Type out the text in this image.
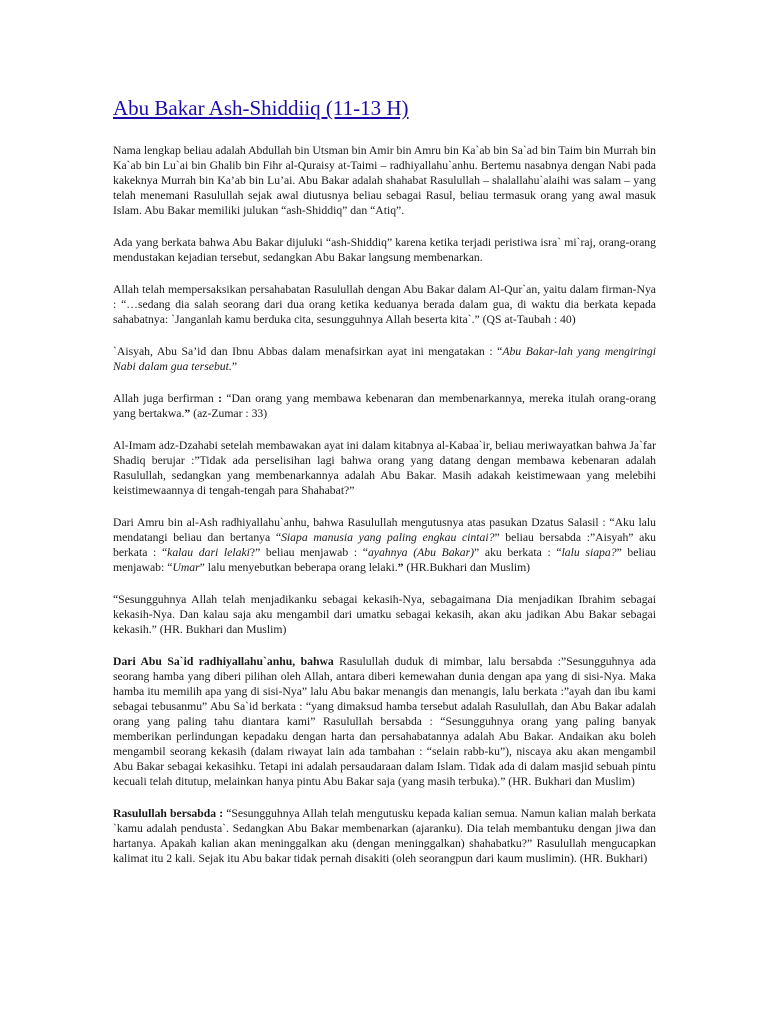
Abu Bakar Ash-Shiddiiq (11-13 H)

Nama lengkap beliau adalah Abdullah bin Utsman bin Amir bin Amru bin Ka`ab bin Sa`ad bin Taim bin Murrah bin Ka`ab bin Lu`ai bin Ghalib bin Fihr al-Quraisy at-Taimi – radhiyallahu`anhu. Bertemu nasabnya dengan Nabi pada kakeknya Murrah bin Ka’ab bin Lu’ai. Abu Bakar adalah shahabat Rasulullah – shalallahu`alaihi was salam – yang telah menemani Rasulullah sejak awal diutusnya beliau sebagai Rasul, beliau termasuk orang yang awal masuk Islam. Abu Bakar memiliki julukan “ash-Shiddiq” dan “Atiq”.

Ada yang berkata bahwa Abu Bakar dijuluki “ash-Shiddiq” karena ketika terjadi peristiwa isra` mi`raj, orang-orang mendustakan kejadian tersebut, sedangkan Abu Bakar langsung membenarkan.

Allah telah mempersaksikan persahabatan Rasulullah dengan Abu Bakar dalam Al-Qur`an, yaitu dalam firman-Nya : “…sedang dia salah seorang dari dua orang ketika keduanya berada dalam gua, di waktu dia berkata kepada sahabatnya: `Janganlah kamu berduka cita, sesungguhnya Allah beserta kita`.” (QS at-Taubah : 40)

`Aisyah, Abu Sa’id dan Ibnu Abbas dalam menafsirkan ayat ini mengatakan : “Abu Bakar-lah yang mengiringi Nabi dalam gua tersebut.”

Allah juga berfirman : “Dan orang yang membawa kebenaran dan membenarkannya, mereka itulah orang-orang yang bertakwa.” (az-Zumar : 33)

Al-Imam adz-Dzahabi setelah membawakan ayat ini dalam kitabnya al-Kabaa`ir, beliau meriwayatkan bahwa Ja`far Shadiq berujar :”Tidak ada perselisihan lagi bahwa orang yang datang dengan membawa kebenaran adalah Rasulullah, sedangkan yang membenarkannya adalah Abu Bakar. Masih adakah keistimewaan yang melebihi keistimewaannya di tengah-tengah para Shahabat?”

Dari Amru bin al-Ash radhiyallahu`anhu, bahwa Rasulullah mengutusnya atas pasukan Dzatus Salasil : “Aku lalu mendatangi beliau dan bertanya “Siapa manusia yang paling engkau cintai?” beliau bersabda :”Aisyah” aku berkata : “kalau dari lelaki?” beliau menjawab : “ayahnya (Abu Bakar)” aku berkata : “lalu siapa?” beliau menjawab: “Umar” lalu menyebutkan beberapa orang lelaki.” (HR.Bukhari dan Muslim)

“Sesungguhnya Allah telah menjadikanku sebagai kekasih-Nya, sebagaimana Dia menjadikan Ibrahim sebagai kekasih-Nya. Dan kalau saja aku mengambil dari umatku sebagai kekasih, akan aku jadikan Abu Bakar sebagai kekasih.” (HR. Bukhari dan Muslim)

Dari Abu Sa`id radhiyallahu`anhu, bahwa Rasulullah duduk di mimbar, lalu bersabda :”Sesungguhnya ada seorang hamba yang diberi pilihan oleh Allah, antara diberi kemewahan dunia dengan apa yang di sisi-Nya. Maka hamba itu memilih apa yang di sisi-Nya” lalu Abu bakar menangis dan menangis, lalu berkata :”ayah dan ibu kami sebagai tebusanmu” Abu Sa`id berkata : “yang dimaksud hamba tersebut adalah Rasulullah, dan Abu Bakar adalah orang yang paling tahu diantara kami” Rasulullah bersabda : “Sesungguhnya orang yang paling banyak memberikan perlindungan kepadaku dengan harta dan persahabatannya adalah Abu Bakar. Andaikan aku boleh mengambil seorang kekasih (dalam riwayat lain ada tambahan : “selain rabb-ku”), niscaya aku akan mengambil Abu Bakar sebagai kekasihku. Tetapi ini adalah persaudaraan dalam Islam. Tidak ada di dalam masjid sebuah pintu kecuali telah ditutup, melainkan hanya pintu Abu Bakar saja (yang masih terbuka).” (HR. Bukhari dan Muslim)

Rasulullah bersabda : “Sesungguhnya Allah telah mengutusku kepada kalian semua. Namun kalian malah berkata `kamu adalah pendusta`. Sedangkan Abu Bakar membenarkan (ajaranku). Dia telah membantuku dengan jiwa dan hartanya. Apakah kalian akan meninggalkan aku (dengan meninggalkan) shahabatku?” Rasulullah mengucapkan kalimat itu 2 kali. Sejak itu Abu bakar tidak pernah disakiti (oleh seorangpun dari kaum muslimin). (HR. Bukhari)
